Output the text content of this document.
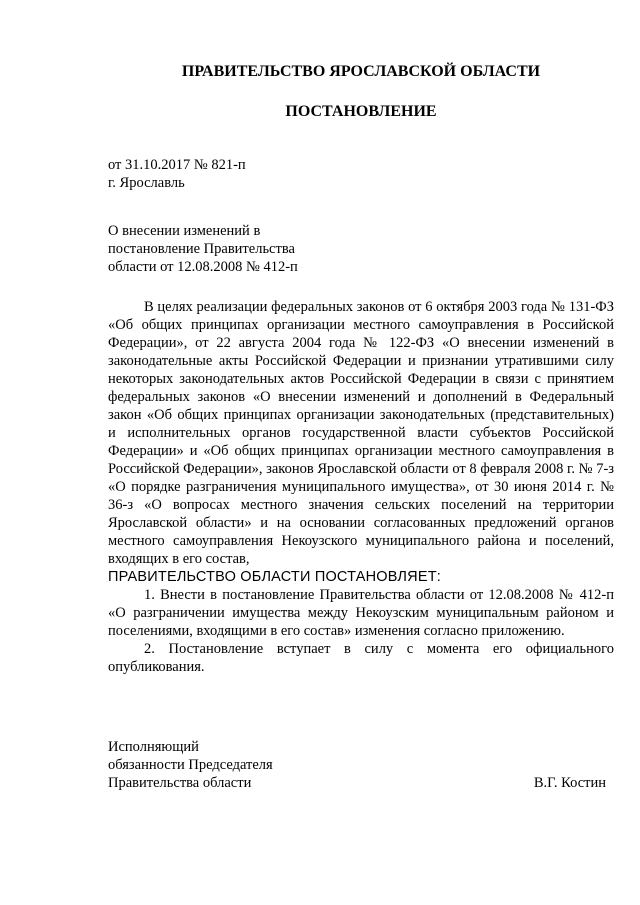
ПРАВИТЕЛЬСТВО ЯРОСЛАВСКОЙ ОБЛАСТИ
ПОСТАНОВЛЕНИЕ
от 31.10.2017 № 821-п
г. Ярославль
О внесении изменений в
постановление Правительства
области от 12.08.2008 № 412-п

В целях реализации федеральных законов от 6 октября 2003 года № 131-ФЗ «Об общих принципах организации местного самоуправления в Российской Федерации», от 22 августа 2004 года № 122-ФЗ «О внесении изменений в законодательные акты Российской Федерации и признании утратившими силу некоторых законодательных актов Российской Федерации в связи с принятием федеральных законов «О внесении изменений и дополнений в Федеральный закон «Об общих принципах организации законодательных (представительных) и исполнительных органов государственной власти субъектов Российской Федерации» и «Об общих принципах организации местного самоуправления в Российской Федерации», законов Ярославской области от 8 февраля 2008 г. № 7-з «О порядке разграничения муниципального имущества», от 30 июня 2014 г. № 36-з «О вопросах местного значения сельских поселений на территории Ярославской области» и на основании согласованных предложений органов местного самоуправления Некоузского муниципального района и поселений, входящих в его состав,

ПРАВИТЕЛЬСТВО ОБЛАСТИ ПОСТАНОВЛЯЕТ:

1. Внести в постановление Правительства области от 12.08.2008 № 412-п «О разграничении имущества между Некоузским муниципальным районом и поселениями, входящими в его состав» изменения согласно приложению.

2. Постановление вступает в силу с момента его официального опубликования.

Исполняющий
обязанности Председателя
Правительства области	В.Г. Костин
